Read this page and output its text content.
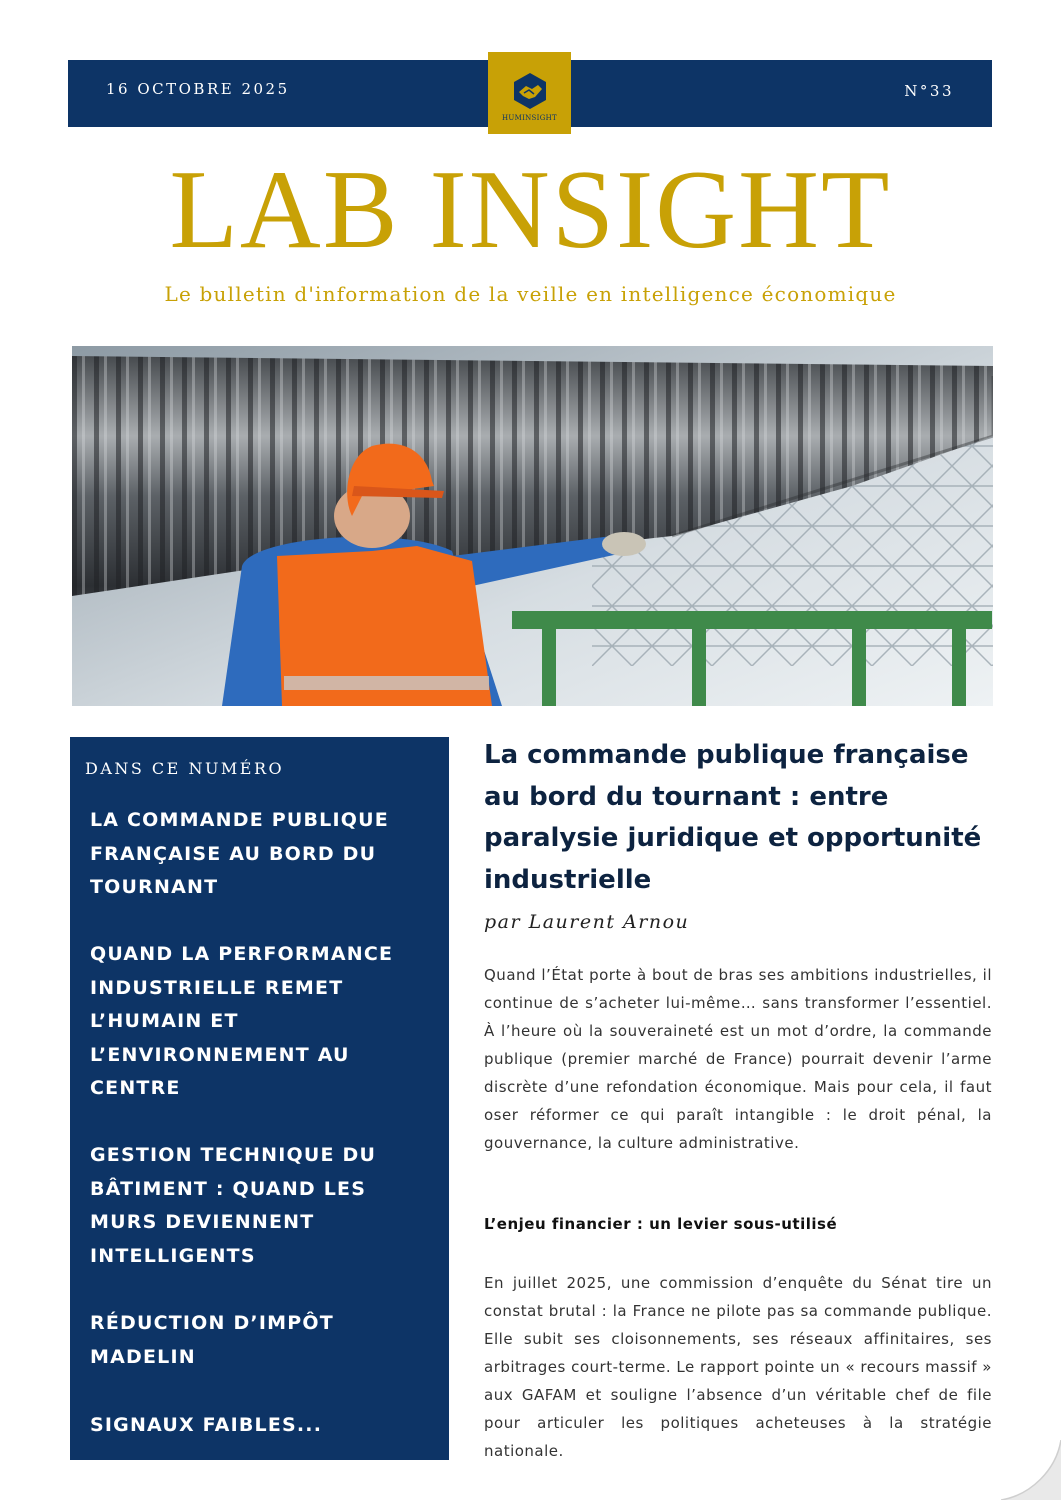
16 OCTOBRE 2025	N°33
HUMINSIGHT
LAB INSIGHT
Le bulletin d'information de la veille en intelligence économique
DANS CE NUMÉRO
LA COMMANDE PUBLIQUE FRANÇAISE AU BORD DU TOURNANT
QUAND LA PERFORMANCE INDUSTRIELLE REMET L’HUMAIN ET L’ENVIRONNEMENT AU CENTRE
GESTION TECHNIQUE DU BÂTIMENT : QUAND LES MURS DEVIENNENT INTELLIGENTS
RÉDUCTION D’IMPÔT MADELIN
SIGNAUX FAIBLES...
La commande publique française au bord du tournant : entre paralysie juridique et opportunité industrielle
par Laurent Arnou
Quand l’État porte à bout de bras ses ambitions industrielles, il continue de s’acheter lui-même… sans transformer l’essentiel. À l’heure où la souveraineté est un mot d’ordre, la commande publique (premier marché de France) pourrait devenir l’arme discrète d’une refondation économique. Mais pour cela, il faut oser réformer ce qui paraît intangible : le droit pénal, la gouvernance, la culture administrative.
L’enjeu financier : un levier sous-utilisé
En juillet 2025, une commission d’enquête du Sénat tire un constat brutal : la France ne pilote pas sa commande publique. Elle subit ses cloisonnements, ses réseaux affinitaires, ses arbitrages court-terme. Le rapport pointe un « recours massif » aux GAFAM et souligne l’absence d’un véritable chef de file pour articuler les politiques acheteuses à la stratégie nationale.
